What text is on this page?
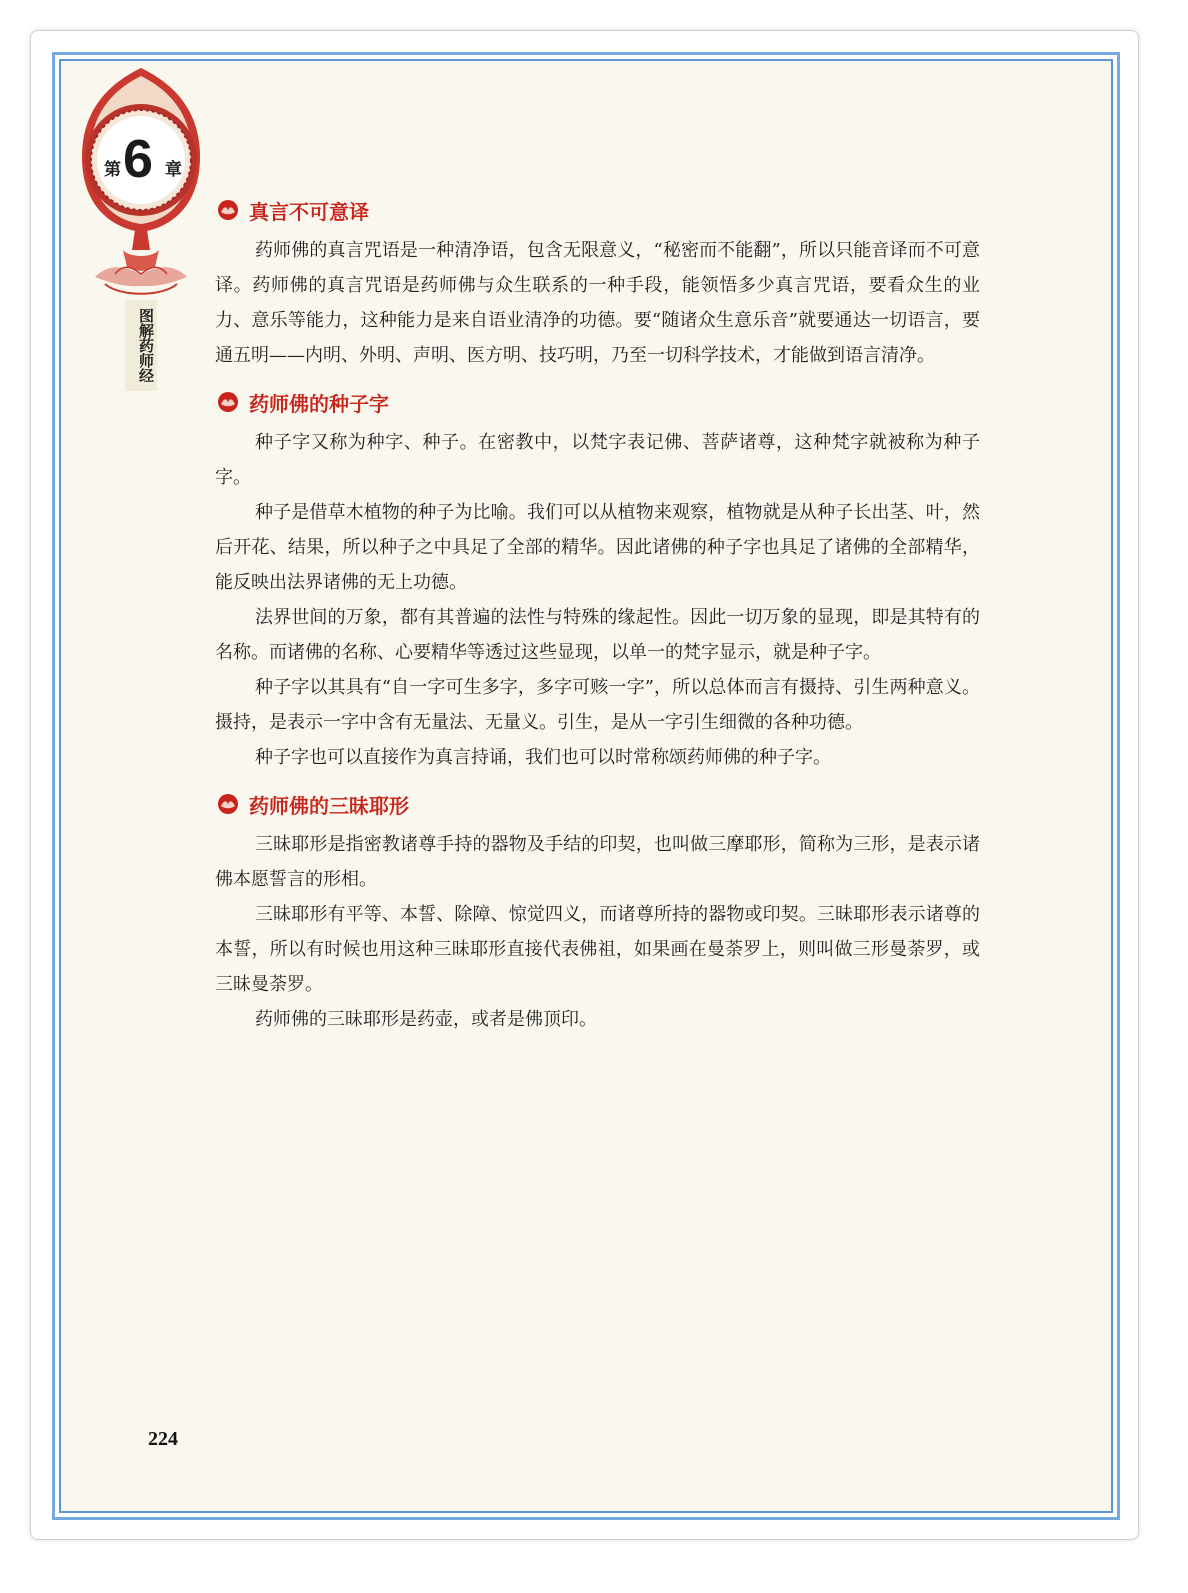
第 6 章
图解药师经
真言不可意译

药师佛的真言咒语是一种清净语，包含无限意义，“秘密而不能翻”，所以只能音译而不可意译。药师佛的真言咒语是药师佛与众生联系的一种手段，能领悟多少真言咒语，要看众生的业力、意乐等能力，这种能力是来自语业清净的功德。要“随诸众生意乐音”就要通达一切语言，要通五明——内明、外明、声明、医方明、技巧明，乃至一切科学技术，才能做到语言清净。

药师佛的种子字

种子字又称为种字、种子。在密教中，以梵字表记佛、菩萨诸尊，这种梵字就被称为种子字。

种子是借草木植物的种子为比喻。我们可以从植物来观察，植物就是从种子长出茎、叶，然后开花、结果，所以种子之中具足了全部的精华。因此诸佛的种子字也具足了诸佛的全部精华，能反映出法界诸佛的无上功德。

法界世间的万象，都有其普遍的法性与特殊的缘起性。因此一切万象的显现，即是其特有的名称。而诸佛的名称、心要精华等透过这些显现，以单一的梵字显示，就是种子字。

种子字以其具有“自一字可生多字，多字可赅一字”，所以总体而言有摄持、引生两种意义。摄持，是表示一字中含有无量法、无量义。引生，是从一字引生细微的各种功德。

种子字也可以直接作为真言持诵，我们也可以时常称颂药师佛的种子字。

药师佛的三昧耶形

三昧耶形是指密教诸尊手持的器物及手结的印契，也叫做三摩耶形，简称为三形，是表示诸佛本愿誓言的形相。

三昧耶形有平等、本誓、除障、惊觉四义，而诸尊所持的器物或印契。三昧耶形表示诸尊的本誓，所以有时候也用这种三昧耶形直接代表佛祖，如果画在曼荼罗上，则叫做三形曼荼罗，或三昧曼荼罗。

药师佛的三昧耶形是药壶，或者是佛顶印。

224
